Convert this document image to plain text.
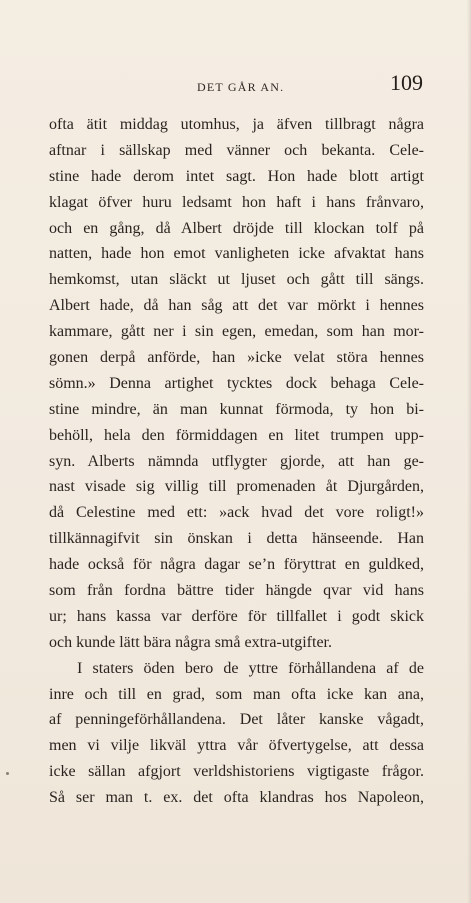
DET GÅR AN.	109
ofta ätit middag utomhus, ja äfven tillbragt några
aftnar i sällskap med vänner och bekanta. Cele-
stine hade derom intet sagt. Hon hade blott artigt
klagat öfver huru ledsamt hon haft i hans frånvaro,
och en gång, då Albert dröjde till klockan tolf på
natten, hade hon emot vanligheten icke afvaktat hans
hemkomst, utan släckt ut ljuset och gått till sängs.
Albert hade, då han såg att det var mörkt i hennes
kammare, gått ner i sin egen, emedan, som han mor-
gonen derpå anförde, han »icke velat störa hennes
sömn.» Denna artighet tycktes dock behaga Cele-
stine mindre, än man kunnat förmoda, ty hon bi-
behöll, hela den förmiddagen en litet trumpen upp-
syn. Alberts nämnda utflygter gjorde, att han ge-
nast visade sig villig till promenaden åt Djurgården,
då Celestine med ett: »ack hvad det vore roligt!»
tillkännagifvit sin önskan i detta hänseende. Han
hade också för några dagar se’n föryttrat en guldked,
som från fordna bättre tider hängde qvar vid hans
ur; hans kassa var derföre för tillfallet i godt skick
och kunde lätt bära några små extra-utgifter.
I staters öden bero de yttre förhållandena af de
inre och till en grad, som man ofta icke kan ana,
af penningeförhållandena. Det låter kanske vågadt,
men vi vilje likväl yttra vår öfvertygelse, att dessa
icke sällan afgjort verldshistoriens vigtigaste frågor.
Så ser man t. ex. det ofta klandras hos Napoleon,
